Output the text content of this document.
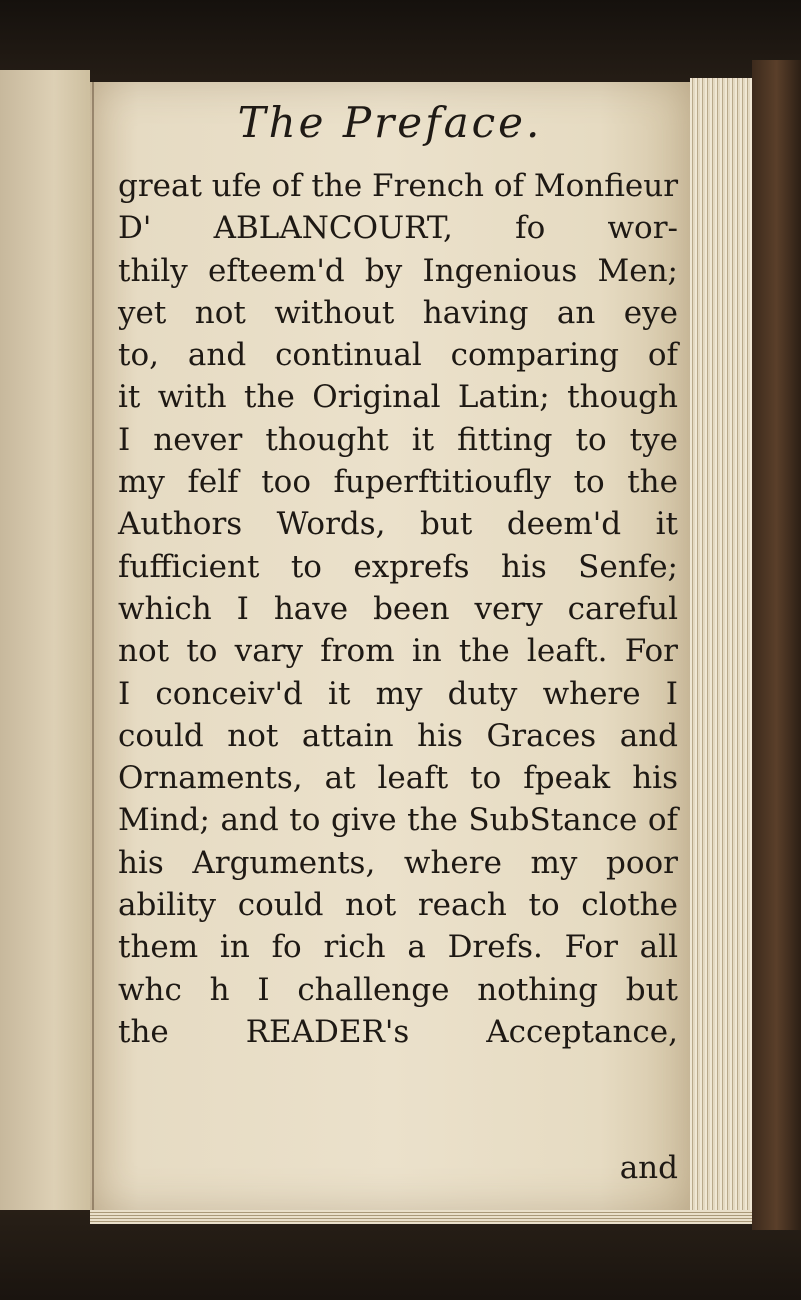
The Preface.
great ufe of the French of Monfieur
D' ABLANCOURT, fo wor-
thily efteem'd by Ingenious Men;
yet not without having an eye
to, and continual comparing of
it with the Original Latin; though
I never thought it fitting to tye
my felf too fuperftitioufly to the
Authors Words, but deem'd it
fufficient to exprefs his Senfe;
which I have been very careful
not to vary from in the leaft. For
I conceiv'd it my duty where I
could not attain his Graces and
Ornaments, at leaft to fpeak his
Mind; and to give the SubStance of
his Arguments, where my poor
ability could not reach to clothe
them in fo rich a Drefs. For all
whc h I challenge nothing but
the READER's Acceptance,
and
